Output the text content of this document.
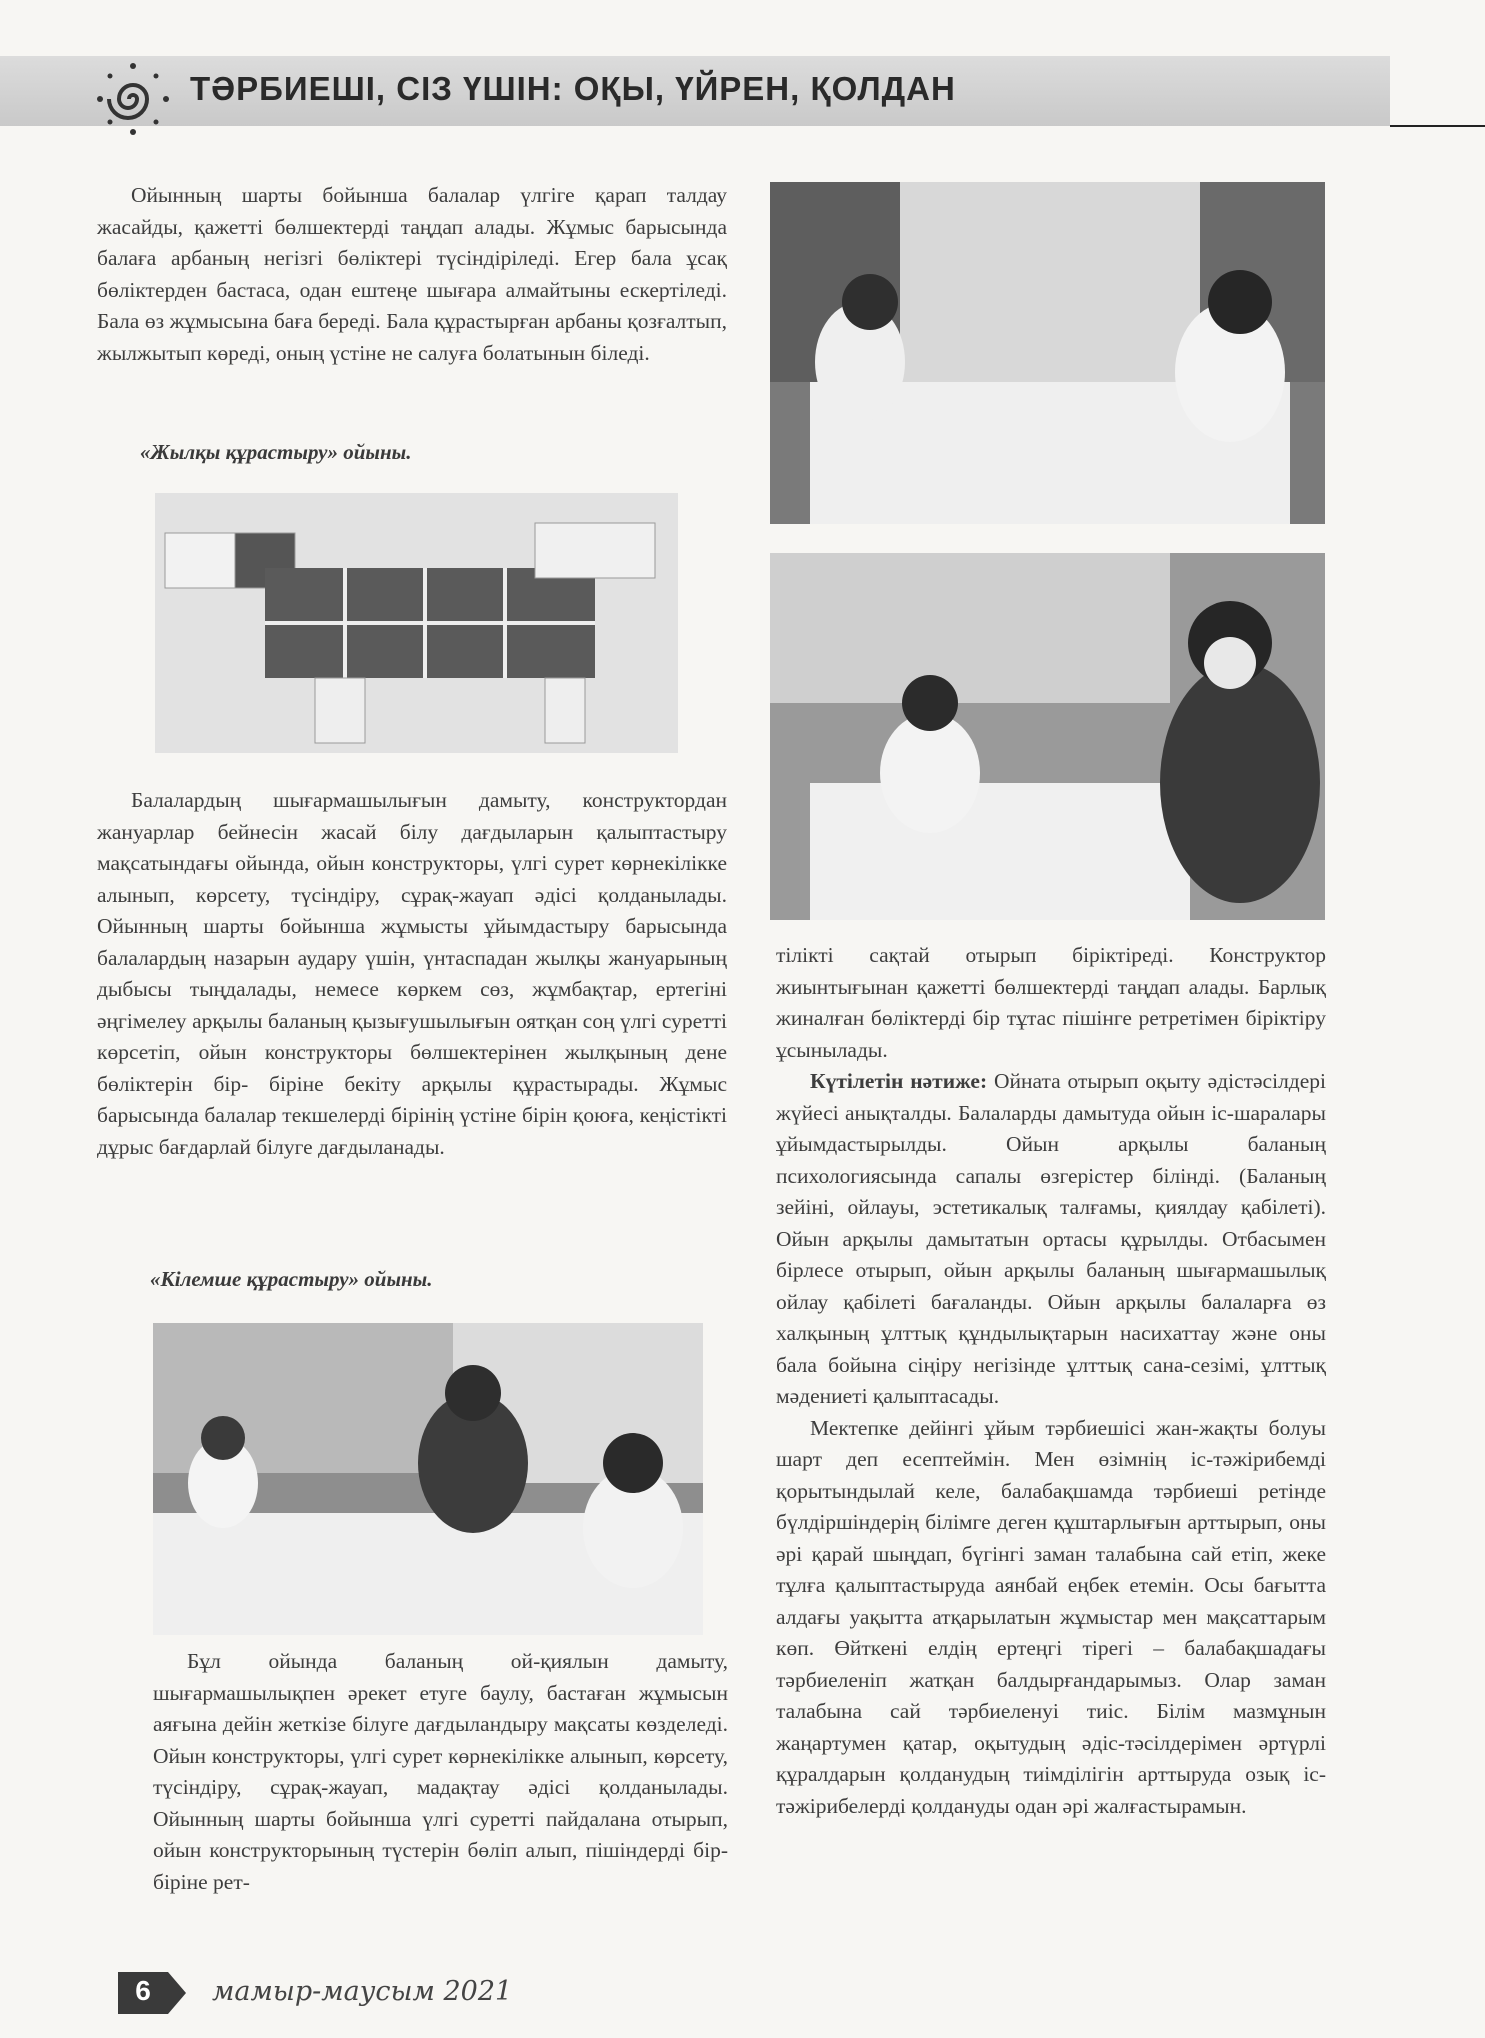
ТӘРБИЕШІ, СІЗ ҮШІН: ОҚЫ, ҮЙРЕН, ҚОЛДАН

Ойынның шарты бойынша балалар үлгіге қарап талдау жасайды, қажетті бөлшектерді таңдап алады. Жұмыс барысында балаға арбаның негізгі бөліктері түсіндіріледі. Егер бала ұсақ бөліктерден бастаса, одан ештеңе шығара алмайтыны ескертіледі. Бала өз жұмысына баға береді. Бала құрастырған арбаны қозғалтып, жылжытып көреді, оның үстіне не салуға болатынын біледі.

«Жылқы құрастыру» ойыны.

Балалардың шығармашылығын дамыту, конструктордан жануарлар бейнесін жасай білу дағдыларын қалыптастыру мақсатындағы ойында, ойын конструкторы, үлгі сурет көрнекілікке алынып, көрсету, түсіндіру, сұрақ-жауап әдісі қолданылады. Ойынның шарты бойынша жұмысты ұйымдастыру барысында балалардың назарын аудару үшін, үнтаспадан жылқы жануарының дыбысы тыңдалады, немесе көркем сөз, жұмбақтар, ертегіні әңгімелеу арқылы баланың қызығушылығын оятқан соң үлгі суретті көрсетіп, ойын конструкторы бөлшектерінен жылқының дене бөліктерін бір- біріне бекіту арқылы құрастырады. Жұмыс барысында балалар текшелерді бірінің үстіне бірін қоюға, кеңістікті дұрыс бағдарлай білуге дағдыланады.

«Кілемше құрастыру» ойыны.

Бұл ойында баланың ой-қиялын дамыту, шығармашылықпен әрекет етуге баулу, бастаған жұмысын аяғына дейін жеткізе білуге дағдыландыру мақсаты көзделеді. Ойын конструкторы, үлгі сурет көрнекілікке алынып, көрсету, түсіндіру, сұрақ-жауап, мадақтау әдісі қолданылады. Ойынның шарты бойынша үлгі суретті пайдалана отырып, ойын конструкторының түстерін бөліп алып, пішіндерді бір-біріне рет-

тілікті сақтай отырып біріктіреді. Конструктор жиынтығынан қажетті бөлшектерді таңдап алады. Барлық жиналған бөліктерді бір тұтас пішінге ретретімен біріктіру ұсынылады.

Күтілетін нәтиже: Ойната отырып оқыту әдістәсілдері жүйесі анықталды. Балаларды дамытуда ойын іс-шаралары ұйымдастырылды. Ойын арқылы баланың психологиясында сапалы өзгерістер білінді. (Баланың зейіні, ойлауы, эстетикалық талғамы, қиялдау қабілеті). Ойын арқылы дамытатын ортасы құрылды. Отбасымен бірлесе отырып, ойын арқылы баланың шығармашылық ойлау қабілеті бағаланды. Ойын арқылы балаларға өз халқының ұлттық құндылықтарын насихаттау және оны бала бойына сіңіру негізінде ұлттық сана-сезімі, ұлттық мәдениеті қалыптасады.

Мектепке дейінгі ұйым тәрбиешісі жан-жақты болуы шарт деп есептеймін. Мен өзімнің іс-тәжірибемді қорытындылай келе, балабақшамда тәрбиеші ретінде бүлдіршіндерің білімге деген құштарлығын арттырып, оны әрі қарай шыңдап, бүгінгі заман талабына сай етіп, жеке тұлға қалыптастыруда аянбай еңбек етемін. Осы бағытта алдағы уақытта атқарылатын жұмыстар мен мақсаттарым көп. Өйткені елдің ертеңгі тірегі – балабақшадағы тәрбиеленіп жатқан балдырғандарымыз. Олар заман талабына сай тәрбиеленуі тиіс. Білім мазмұнын жаңартумен қатар, оқытудың әдіс-тәсілдерімен әртүрлі құралдарын қолданудың тиімділігін арттыруда озық іс-тәжірибелерді қолдануды одан әрі жалғастырамын.

6	мамыр-маусым 2021
